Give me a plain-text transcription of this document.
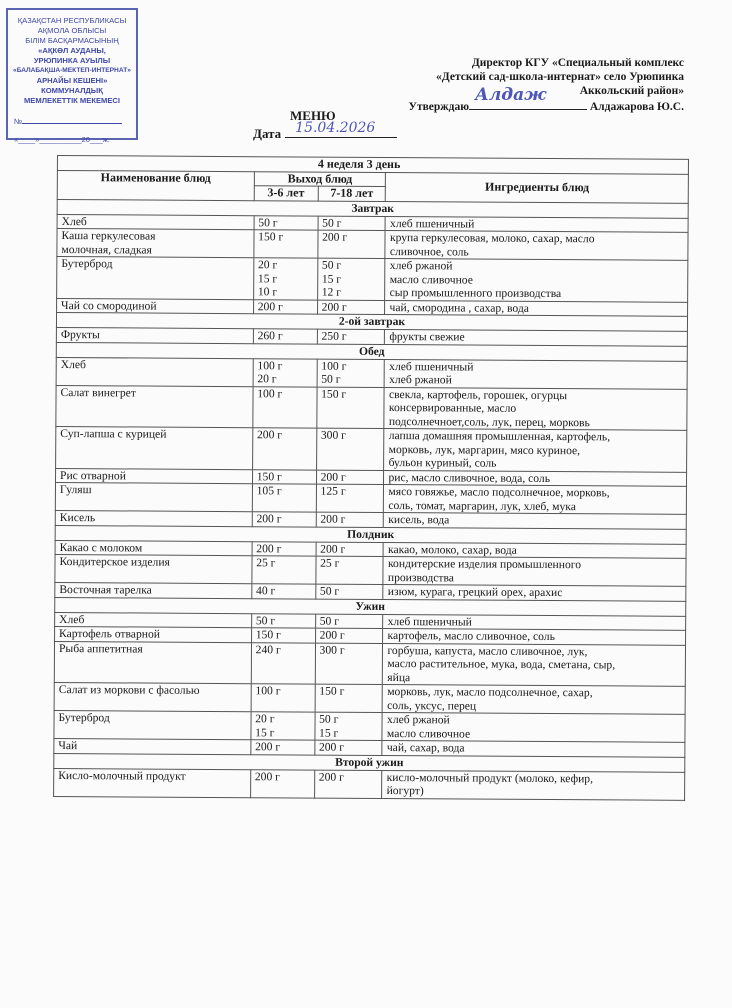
ҚАЗАҚСТАН РЕСПУБЛИКАСЫ
АҚМОЛА ОБЛЫСЫ
БІЛІМ БАСҚАРМАСЫНЫҢ
«АҚКӨЛ АУДАНЫ,
УРЮПИНКА АУЫЛЫ
«БАЛАБАҚША-МЕКТЕП-ИНТЕРНАТ»
АРНАЙЫ КЕШЕНІ»
КОММУНАЛДЫҚ
МЕМЛЕКЕТТІК МЕКЕМЕСІ
№
«____»__________20___ж.
Директор КГУ «Специальный комплекс
«Детский сад-школа-интернат» село Урюпинка
Аккольский район»
Утверждаю
Алдаж
Алдажарова Ю.С.
МЕНЮ
Дата 15.04.2026
4 неделя 3 день			
Наименование блюд	Выход блюд		Ингредиенты блюд
	3-6 лет	7-18 лет	
Завтрак			
Хлеб	50 г	50 г	хлеб пшеничный
Каша геркулесовая
молочная, сладкая	150 г	200 г	крупа геркулесовая, молоко, сахар, масло
сливочное, соль
Бутерброд	20 г
15 г
10 г	50 г
15 г
12 г	хлеб ржаной
масло сливочное
сыр промышленного производства
Чай со смородиной	200 г	200 г	чай, смородина , сахар, вода
2-ой завтрак			
Фрукты	260 г	250 г	фрукты свежие
Обед			
Хлеб	100 г
20 г	100 г
50 г	хлеб пшеничный
хлеб ржаной
Салат винегрет	100 г	150 г	свекла, картофель, горошек, огурцы
консервированные, масло
подсолнечноет,соль, лук, перец, морковь
Суп-лапша с курицей	200 г	300 г	лапша домашняя промышленная, картофель,
морковь, лук, маргарин, мясо куриное,
бульон куриный, соль
Рис отварной	150 г	200 г	рис, масло сливочное, вода, соль
Гуляш	105 г	125 г	мясо говяжье, масло подсолнечное, морковь,
соль, томат, маргарин, лук, хлеб, мука
Кисель	200 г	200 г	кисель, вода
Полдник			
Какао с молоком	200 г	200 г	какао, молоко, сахар, вода
Кондитерское изделия	25 г	25 г	кондитерские изделия промышленного
производства
Восточная тарелка	40 г	50 г	изюм, курага, грецкий орех, арахис
Ужин			
Хлеб	50 г	50 г	хлеб пшеничный
Картофель отварной	150 г	200 г	картофель, масло сливочное, соль
Рыба аппетитная	240 г	300 г	горбуша, капуста, масло сливочное, лук,
масло растительное, мука, вода, сметана, сыр,
яйца
Салат из моркови с фасолью	100 г	150 г	морковь, лук, масло подсолнечное, сахар,
соль, уксус, перец
Бутерброд	20 г
15 г	50 г
15 г	хлеб ржаной
масло сливочное
Чай	200 г	200 г	чай, сахар, вода
Второй ужин			
Кисло-молочный продукт	200 г	200 г	кисло-молочный продукт (молоко, кефир,
йогурт)
